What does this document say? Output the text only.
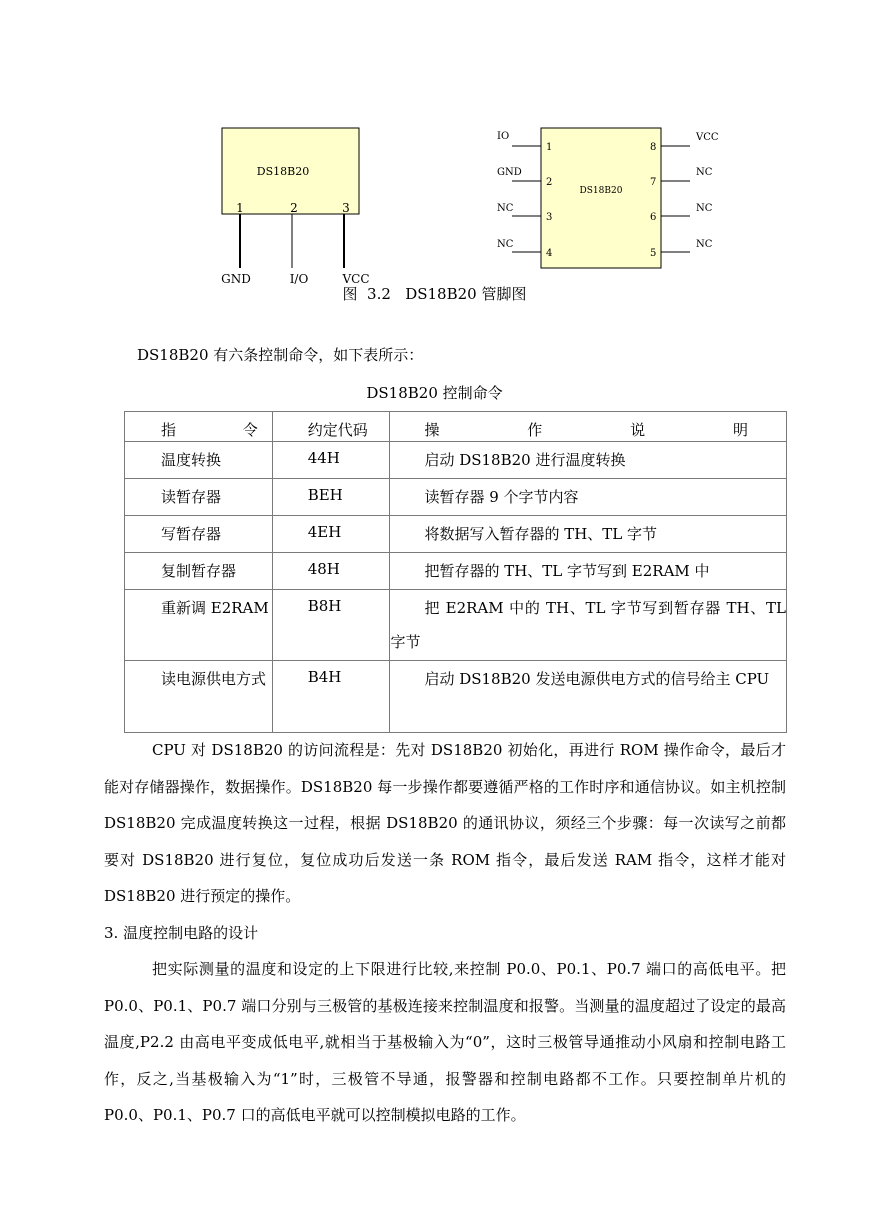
DS18B20
1	2	3
GND	I/O	VCC
DS18B20
IO
GND
NC
NC
1
2
3
4
8
7
6
5
VCC
NC
NC
NC
图  3.2   DS18B20 管脚图
DS18B20 有六条控制命令，如下表所示：
DS18B20 控制命令
指 令	约定代码	操 作 说 明

温度转换	44H	启动 DS18B20 进行温度转换

读暂存器	BEH	读暂存器 9 个字节内容

写暂存器	4EH	将数据写入暂存器的 TH、TL 字节

复制暂存器	48H	把暂存器的 TH、TL 字节写到 E2RAM 中

重新调 E2RAM	B8H	把 E2RAM 中的 TH、TL 字节写到暂存器 TH、TL 字节

读电源供电方式	B4H	启动 DS18B20 发送电源供电方式的信号给主 CPU
CPU 对 DS18B20 的访问流程是：先对 DS18B20 初始化，再进行 ROM 操作命令，最后才能对存储器操作，数据操作。DS18B20 每一步操作都要遵循严格的工作时序和通信协议。如主机控制 DS18B20 完成温度转换这一过程，根据 DS18B20 的通讯协议，须经三个步骤：每一次读写之前都要对 DS18B20 进行复位，复位成功后发送一条 ROM 指令，最后发送 RAM 指令，这样才能对 DS18B20 进行预定的操作。
3. 温度控制电路的设计
把实际测量的温度和设定的上下限进行比较,来控制 P0.0、P0.1、P0.7 端口的高低电平。把 P0.0、P0.1、P0.7 端口分别与三极管的基极连接来控制温度和报警。当测量的温度超过了设定的最高温度,P2.2 由高电平变成低电平,就相当于基极输入为“0”，这时三极管导通推动小风扇和控制电路工作，反之,当基极输入为“1”时，三极管不导通，报警器和控制电路都不工作。只要控制单片机的 P0.0、P0.1、P0.7 口的高低电平就可以控制模拟电路的工作。
